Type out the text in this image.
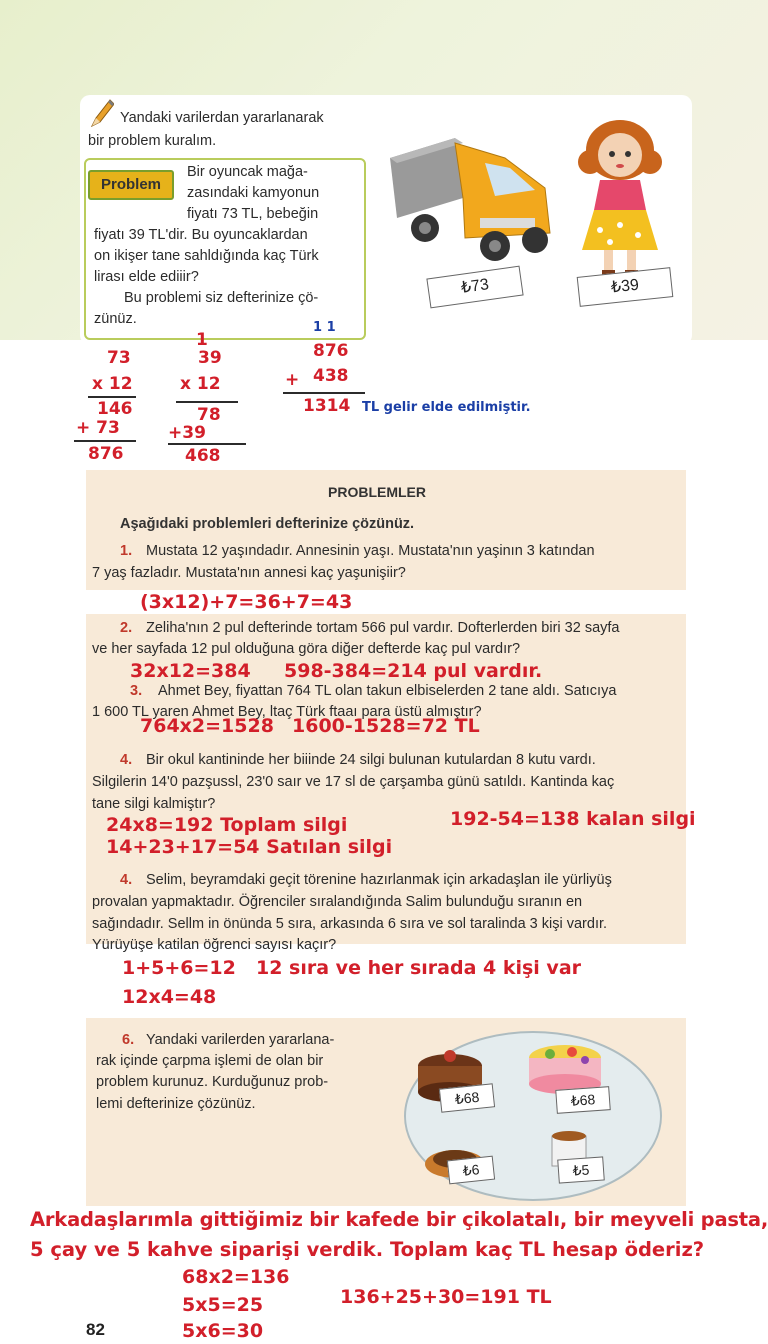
Yandaki varilerdan yararlanarak
bir problem kuralım.
Problem
Bir oyuncak mağa-
zasındaki kamyonun
fiyatı 73 TL, bebeğin
fiyatı 39 TL'dir. Bu oyuncaklardan
on ikişer tane sahldığında kaç Türk
lirası elde ediiir?
Bu problemi siz defterinize çö-
zünüz.
₺73	₺39
73
x 12
146
+ 73
876
1
39
x 12
78
+39
468
1 1
876
+ 438
1314 TL gelir elde edilmiştir.
PROBLEMLER
Aşağıdaki problemleri defterinize çözünüz.
1. Mustata 12 yaşındadır. Annesinin yaşı. Mustata'nın yaşinın 3 katından
7 yaş fazladır. Mustata'nın annesi kaç yaşunişiir?
(3x12)+7=36+7=43
2. Zeliha'nın 2 pul defterinde tortam 566 pul vardır. Dofterlerden biri 32 sayfa
ve her sayfada 12 pul olduğuna göra diğer defterde kaç pul vardır?
32x12=384 598-384=214 pul vardır.
3. Ahmet Bey, fiyattan 764 TL olan takun elbiselerden 2 tane aldı. Satıcıya
1 600 TL yaren Ahmet Bey, ltaç Türk ftaaı para üstü almıştır?
764x2=1528 1600-1528=72 TL
4. Bir okul kantininde her biiinde 24 silgi bulunan kutulardan 8 kutu vardı.
Silgilerin 14'0 pazşussl, 23'0 saır ve 17 sl de çarşamba günü satıldı. Kantinda kaç
tane silgi kalmiştır?
24x8=192 Toplam silgi	192-54=138 kalan silgi
14+23+17=54 Satılan silgi
4. Selim, beyramdaki geçit törenine hazırlanmak için arkadaşlan ile yürliyüş
provalan yapmaktadır. Öğrenciler sıralandığında Salim bulunduğu sıranın en
sağındadır. Sellm in önünda 5 sıra, arkasında 6 sıra ve sol taralinda 3 kişi vardır.
Yürüyüşe katilan öğrenci sayısı kaçır?
1+5+6=12 12 sıra ve her sırada 4 kişi var
12x4=48
6. Yandaki varilerden yararlana-
rak içinde çarpma işlemi de olan bir
problem kurunuz. Kurduğunuz prob-
lemi defterinize çözünüz.	₺68	₺68
₺6	₺5
Arkadaşlarımla gittiğimiz bir kafede bir çikolatalı, bir meyveli pasta,
5 çay ve 5 kahve siparişi verdik. Toplam kaç TL hesap öderiz?
68x2=136
5x5=25
5x6=30
136+25+30=191 TL
82
